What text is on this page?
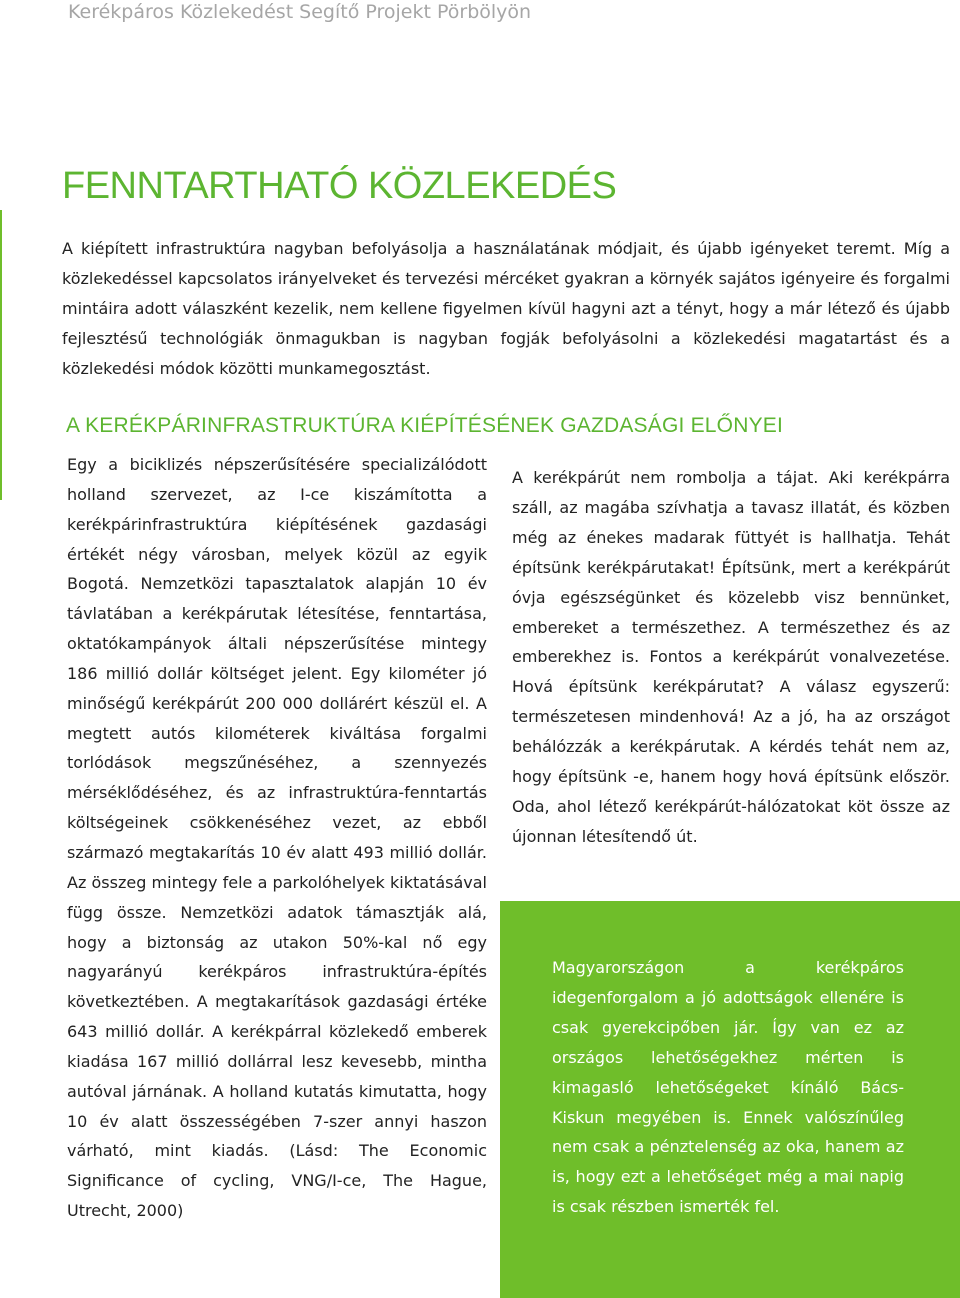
Kerékpáros Közlekedést Segítő Projekt Pörbölyön
FENNTARTHATÓ KÖZLEKEDÉS

A kiépített infrastruktúra nagyban befolyásolja a használatának módjait, és újabb igényeket teremt. Míg a közlekedéssel kapcsolatos irányelveket és tervezési mércéket gyakran a környék sajátos igényeire és forgalmi mintáira adott válaszként kezelik, nem kellene figyelmen kívül hagyni azt a tényt, hogy a már létező és újabb fejlesztésű technológiák önmagukban is nagyban fogják befolyásolni a közlekedési magatartást és a közlekedési módok közötti munkamegosztást.

A KERÉKPÁRINFRASTRUKTÚRA KIÉPÍTÉSÉNEK GAZDASÁGI ELŐNYEI

Egy a biciklizés népszerűsítésére specializálódott holland szervezet, az I-ce kiszámította a kerékpárinfrastruktúra kiépítésének gazdasági értékét négy városban, melyek közül az egyik Bogotá. Nemzetközi tapasztalatok alapján 10 év távlatában a kerékpárutak létesítése, fenntartása, oktatókampányok általi népszerűsítése mintegy 186 millió dollár költséget jelent. Egy kilométer jó minőségű kerékpárút 200 000 dollárért készül el. A megtett autós kilométerek kiváltása forgalmi torlódások megszűnéséhez, a szennyezés mérséklődéséhez, és az infrastruktúra-fenntartás költségeinek csökkenéséhez vezet, az ebből származó megtakarítás 10 év alatt 493 millió dollár. Az összeg mintegy fele a parkolóhelyek kiktatásával függ össze. Nemzetközi adatok támasztják alá, hogy a biztonság az utakon 50%-kal nő egy nagyarányú kerékpáros infrastruktúra-építés következtében. A megtakarítások gazdasági értéke 643 millió dollár. A kerékpárral közlekedő emberek kiadása 167 millió dollárral lesz kevesebb, mintha autóval járnának. A holland kutatás kimutatta, hogy 10 év alatt összességében 7-szer annyi haszon várható, mint kiadás. (Lásd: The Economic Significance of cycling, VNG/I-ce, The Hague, Utrecht, 2000)

A kerékpárút nem rombolja a tájat. Aki kerékpárra száll, az magába szívhatja a tavasz illatát, és közben még az énekes madarak füttyét is hallhatja. Tehát építsünk kerékpárutakat! Építsünk, mert a kerékpárút óvja egészségünket és közelebb visz bennünket, embereket a természethez. A természethez és az emberekhez is. Fontos a kerékpárút vonalvezetése. Hová építsünk kerékpárutat? A válasz egyszerű: természetesen mindenhová! Az a jó, ha az országot behálózzák a kerékpárutak. A kérdés tehát nem az, hogy építsünk -e, hanem hogy hová építsünk először. Oda, ahol létező kerékpárút-hálózatokat köt össze az újonnan létesítendő út.

Magyarországon a kerékpáros idegenforgalom a jó adottságok ellenére is csak gyerekcipőben jár. Így van ez az országos lehetőségekhez mérten is kimagasló lehetőségeket kínáló Bács-Kiskun megyében is. Ennek valószínűleg nem csak a pénztelenség az oka, hanem az is, hogy ezt a lehetőséget még a mai napig is csak részben ismerték fel.
